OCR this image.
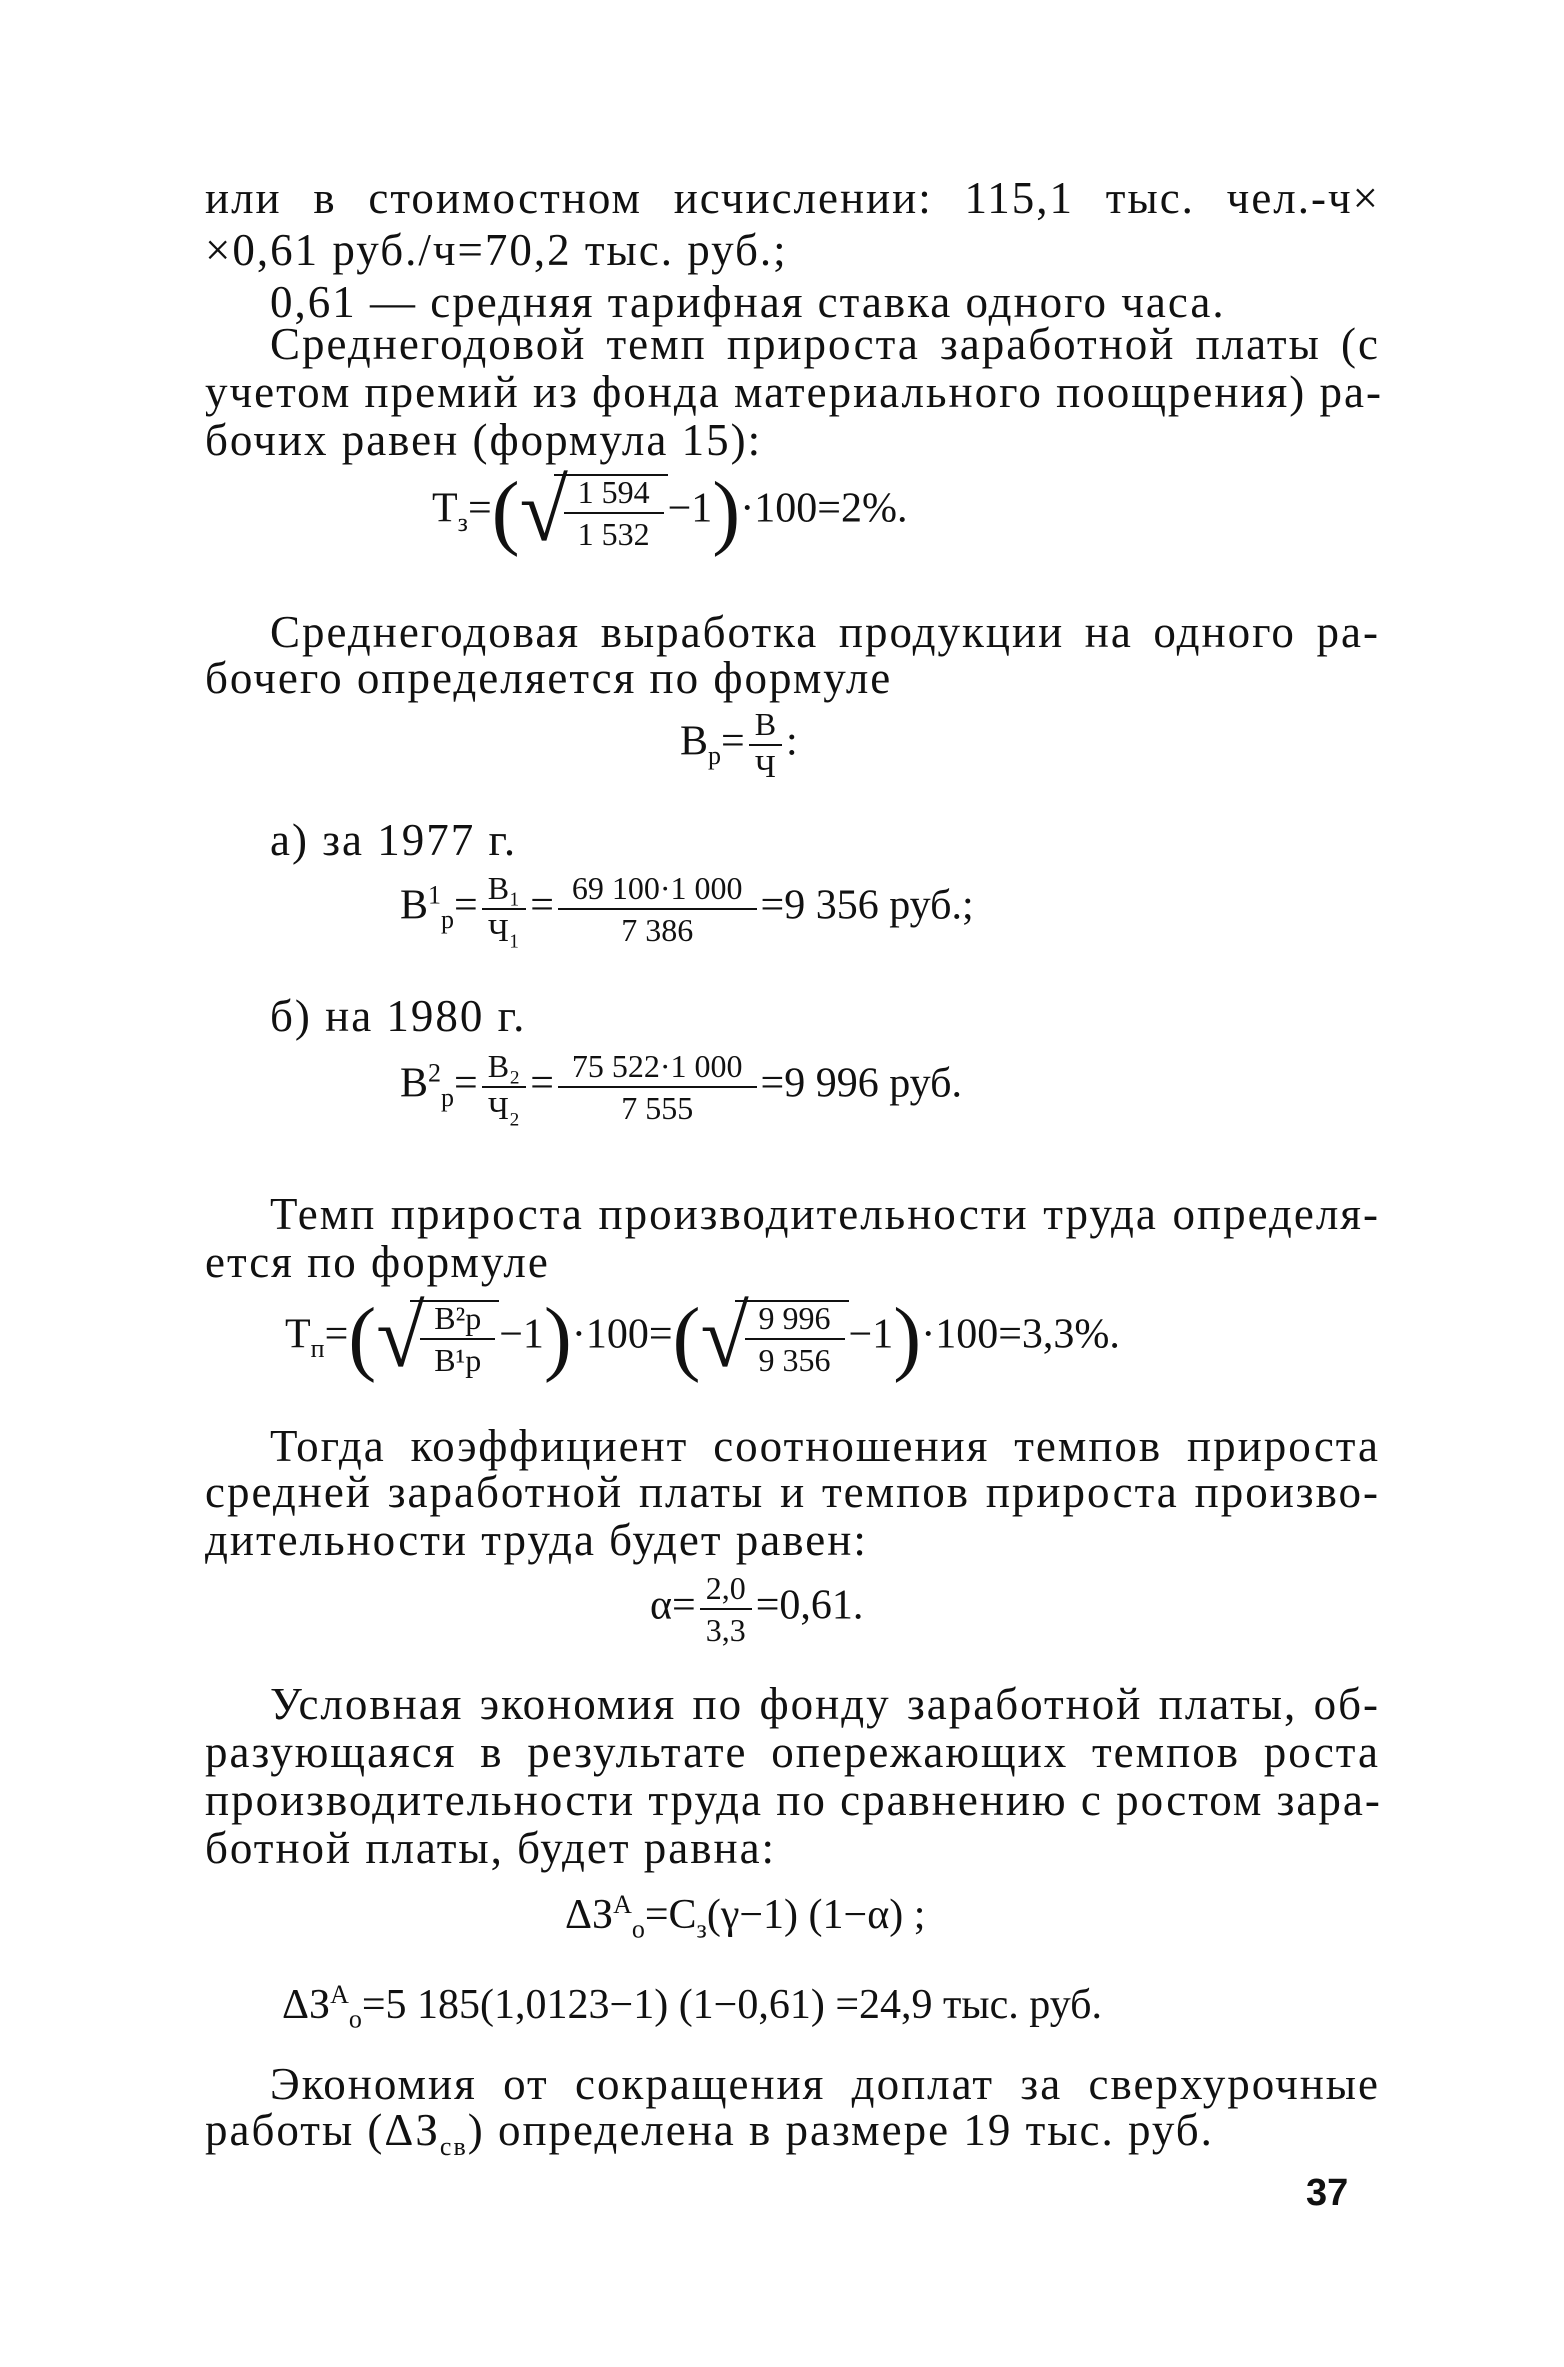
или в стоимостном исчислении: 115,1 тыс. чел.-ч×
×0,61 руб./ч=70,2 тыс. руб.;
0,61 — средняя тарифная ставка одного часа.
Среднегодовой темп прироста заработной платы (с
учетом премий из фонда материального поощрения) ра-
бочих равен (формула 15):
$Т_з=$( √
$\frac{1 594}{1 532} -1)\cdot 100=2\%$.
Среднегодовая выработка продукции на одного ра-
бочего определяется по формуле
$В_р= \frac{В}{Ч}$ :
а) за 1977 г.
$В^1_р= \frac{\text{В₁}}{\text{Ч₁}} = \frac{69 100\cdot 1 000}{7 386} =9$ 356 руб.;
б) на 1980 г.
$В^2_р= \frac{\text{В₂}}{\text{Ч₂}} = \frac{75 522\cdot 1 000}{7 555} =9$ 996 руб.
Темп прироста производительности труда определя-
ется по формуле
$Т_п=$( √
$\frac{\text{В²р}}{\text{В¹р}} -1)\cdot 100=$( √
$\frac{9 996}{9 356} -1)\cdot 100=3,3\%$.
Тогда коэффициент соотношения темпов прироста
средней заработной платы и темпов прироста произво-
дительности труда будет равен:
$\alpha= \frac{2,0}{3,3} =0,61$.
Условная экономия по фонду заработной платы, об-
разующаяся в результате опережающих темпов роста
производительности труда по сравнению с ростом зара-
ботной платы, будет равна:
$\Delta З^А_о=С_з(\gamma-1)$ (1−α) ;
$\Delta З^А_о=5$ 185(1,0123−1) (1−0,61) =24,9 тыс. руб.
Экономия от сокращения доплат за сверхурочные
работы $(\Delta З_{св})$ определена в размере 19 тыс. руб.
37
